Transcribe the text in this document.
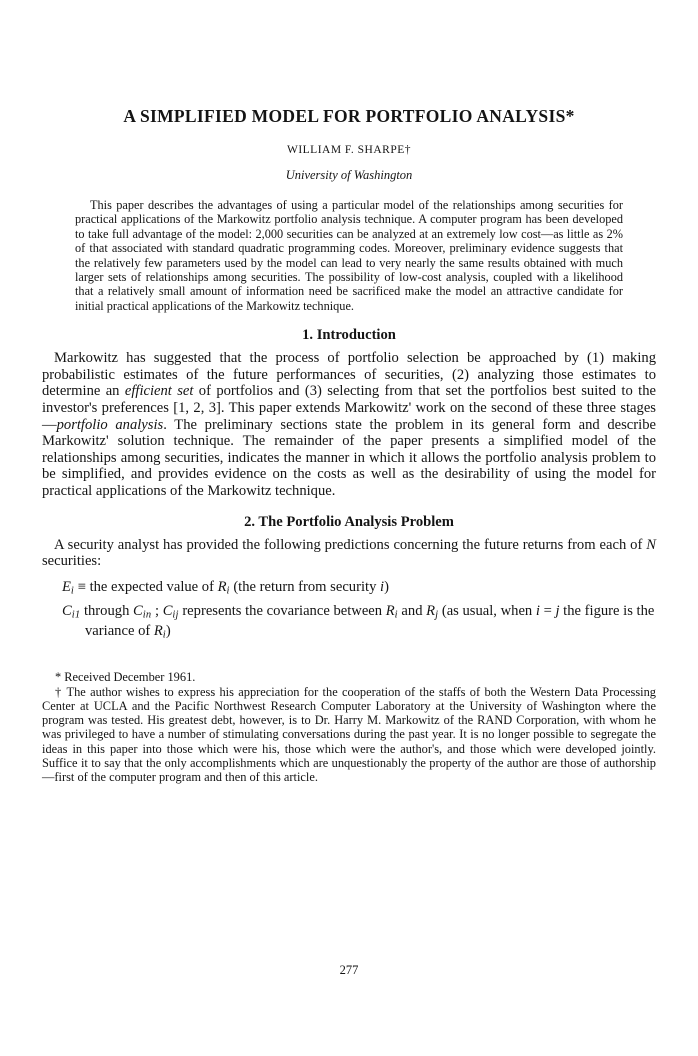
A SIMPLIFIED MODEL FOR PORTFOLIO ANALYSIS*
WILLIAM F. SHARPE†
University of Washington

This paper describes the advantages of using a particular model of the relationships among securities for practical applications of the Markowitz portfolio analysis technique. A computer program has been developed to take full advantage of the model: 2,000 securities can be analyzed at an extremely low cost—as little as 2% of that associated with standard quadratic programming codes. Moreover, preliminary evidence suggests that the relatively few parameters used by the model can lead to very nearly the same results obtained with much larger sets of relationships among securities. The possibility of low-cost analysis, coupled with a likelihood that a relatively small amount of information need be sacrificed make the model an attractive candidate for initial practical applications of the Markowitz technique.

1. Introduction

Markowitz has suggested that the process of portfolio selection be approached by (1) making probabilistic estimates of the future performances of securities, (2) analyzing those estimates to determine an efficient set of portfolios and (3) selecting from that set the portfolios best suited to the investor's preferences [1, 2, 3]. This paper extends Markowitz' work on the second of these three stages—portfolio analysis. The preliminary sections state the problem in its general form and describe Markowitz' solution technique. The remainder of the paper presents a simplified model of the relationships among securities, indicates the manner in which it allows the portfolio analysis problem to be simplified, and provides evidence on the costs as well as the desirability of using the model for practical applications of the Markowitz technique.

2. The Portfolio Analysis Problem

A security analyst has provided the following predictions concerning the future returns from each of N securities:

Ei ≡ the expected value of Ri (the return from security i)

Ci1 through Cin ; Cij represents the covariance between Ri and Rj (as usual, when i = j the figure is the variance of Ri)

* Received December 1961.

† The author wishes to express his appreciation for the cooperation of the staffs of both the Western Data Processing Center at UCLA and the Pacific Northwest Research Computer Laboratory at the University of Washington where the program was tested. His greatest debt, however, is to Dr. Harry M. Markowitz of the RAND Corporation, with whom he was privileged to have a number of stimulating conversations during the past year. It is no longer possible to segregate the ideas in this paper into those which were his, those which were the author's, and those which were developed jointly. Suffice it to say that the only accomplishments which are unquestionably the property of the author are those of authorship—first of the computer program and then of this article.

277
